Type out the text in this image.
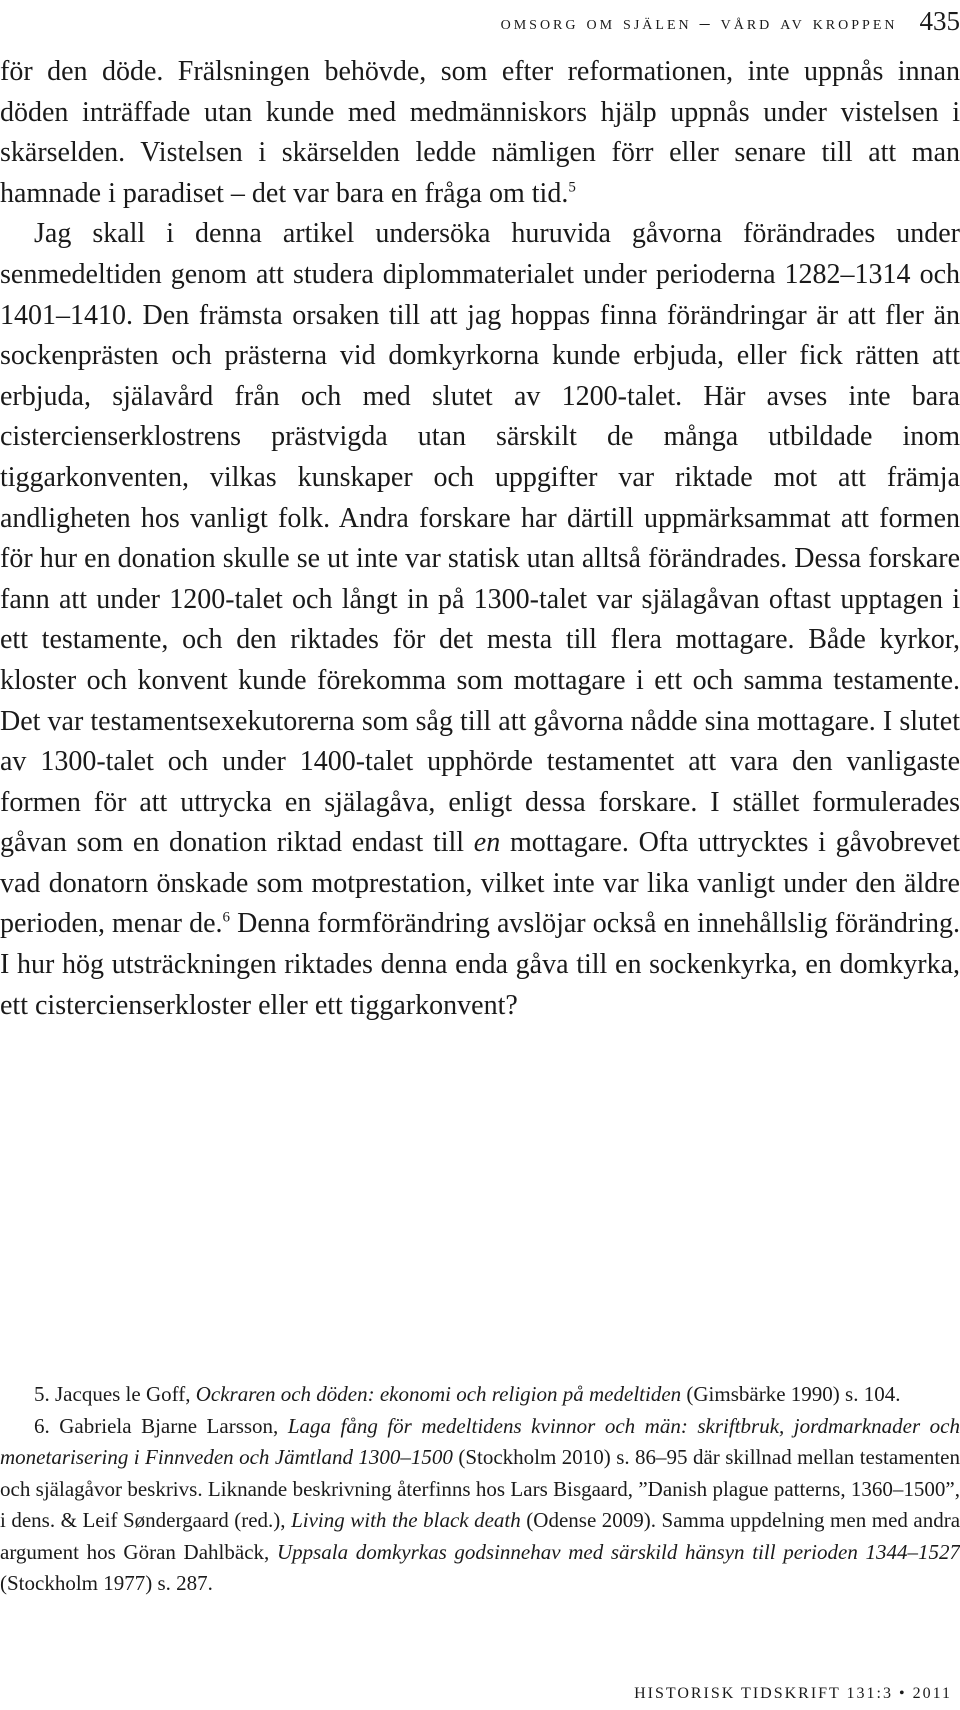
omsorg om själen – vård av kroppen 435

för den döde. Frälsningen behövde, som efter reformationen, inte uppnås innan döden inträffade utan kunde med medmänniskors hjälp uppnås under vistelsen i skärselden. Vistelsen i skärselden ledde nämligen förr eller senare till att man hamnade i paradiset – det var bara en fråga om tid.$^5$

Jag skall i denna artikel undersöka huruvida gåvorna förändrades under senmedeltiden genom att studera diplommaterialet under perioderna 1282–1314 och 1401–1410. Den främsta orsaken till att jag hoppas finna förändringar är att fler än sockenprästen och prästerna vid domkyrkorna kunde erbjuda, eller fick rätten att erbjuda, själavård från och med slutet av 1200-talet. Här avses inte bara cistercienserklostrens prästvigda utan särskilt de många utbildade inom tiggarkonventen, vilkas kunskaper och uppgifter var riktade mot att främja andligheten hos vanligt folk. Andra forskare har därtill uppmärksammat att formen för hur en donation skulle se ut inte var statisk utan alltså förändrades. Dessa forskare fann att under 1200-talet och långt in på 1300-talet var själagåvan oftast upptagen i ett testamente, och den riktades för det mesta till flera mottagare. Både kyrkor, kloster och konvent kunde förekomma som mottagare i ett och samma testamente. Det var testamentsexekutorerna som såg till att gåvorna nådde sina mottagare. I slutet av 1300-talet och under 1400-talet upphörde testamentet att vara den vanligaste formen för att uttrycka en själagåva, enligt dessa forskare. I stället formulerades gåvan som en donation riktad endast till en mottagare. Ofta uttrycktes i gåvobrevet vad donatorn önskade som motprestation, vilket inte var lika vanligt under den äldre perioden, menar de.$^6$ Denna formförändring avslöjar också en innehållslig förändring. I hur hög utsträckningen riktades denna enda gåva till en sockenkyrka, en domkyrka, ett cistercienserkloster eller ett tiggarkonvent?

5. Jacques le Goff, Ockraren och döden: ekonomi och religion på medeltiden (Gimsbärke 1990) s. 104.

6. Gabriela Bjarne Larsson, Laga fång för medeltidens kvinnor och män: skriftbruk, jordmarknader och monetarisering i Finnveden och Jämtland 1300–1500 (Stockholm 2010) s. 86–95 där skillnad mellan testamenten och själagåvor beskrivs. Liknande beskrivning återfinns hos Lars Bisgaard, ”Danish plague patterns, 1360–1500”, i dens. & Leif Søndergaard (red.), Living with the black death (Odense 2009). Samma uppdelning men med andra argument hos Göran Dahlbäck, Uppsala domkyrkas godsinnehav med särskild hänsyn till perioden 1344–1527 (Stockholm 1977) s. 287.

HISTORISK TIDSKRIFT 131:3 • 2011
